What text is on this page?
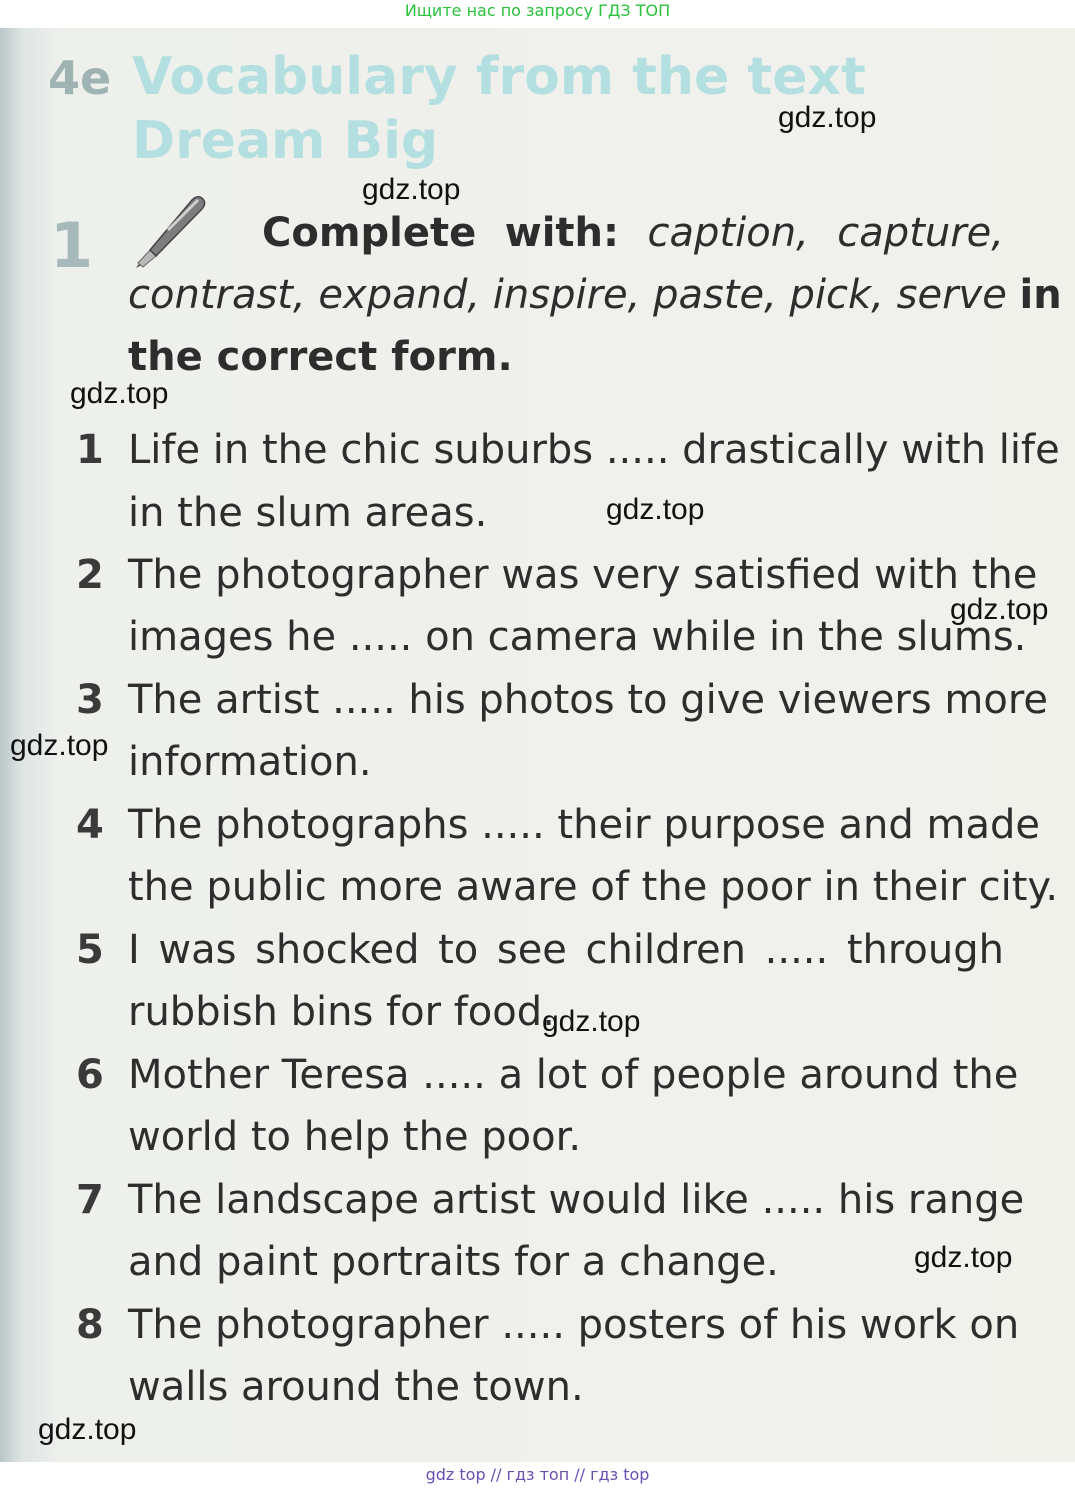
Ищите нас по запросу ГДЗ ТОП
4e Vocabulary from the text
Dream Big
1	Complete with: caption, capture,
contrast, expand, inspire, paste, pick, serve in
the correct form.
1 Life in the chic suburbs ..... drastically with life
in the slum areas.
2 The photographer was very satisfied with the
images he ..... on camera while in the slums.
3 The artist ..... his photos to give viewers more
information.
4 The photographs ..... their purpose and made
the public more aware of the poor in their city.
5 I was shocked to see children ..... through
rubbish bins for food.
6 Mother Teresa ..... a lot of people around the
world to help the poor.
7 The landscape artist would like ..... his range
and paint portraits for a change.
8 The photographer ..... posters of his work on
walls around the town.
gdz.top
gdz.top
gdz.top
gdz.top
gdz.top
gdz.top
gdz.top
gdz.top
gdz.top
gdz top // гдз топ // гдз top
